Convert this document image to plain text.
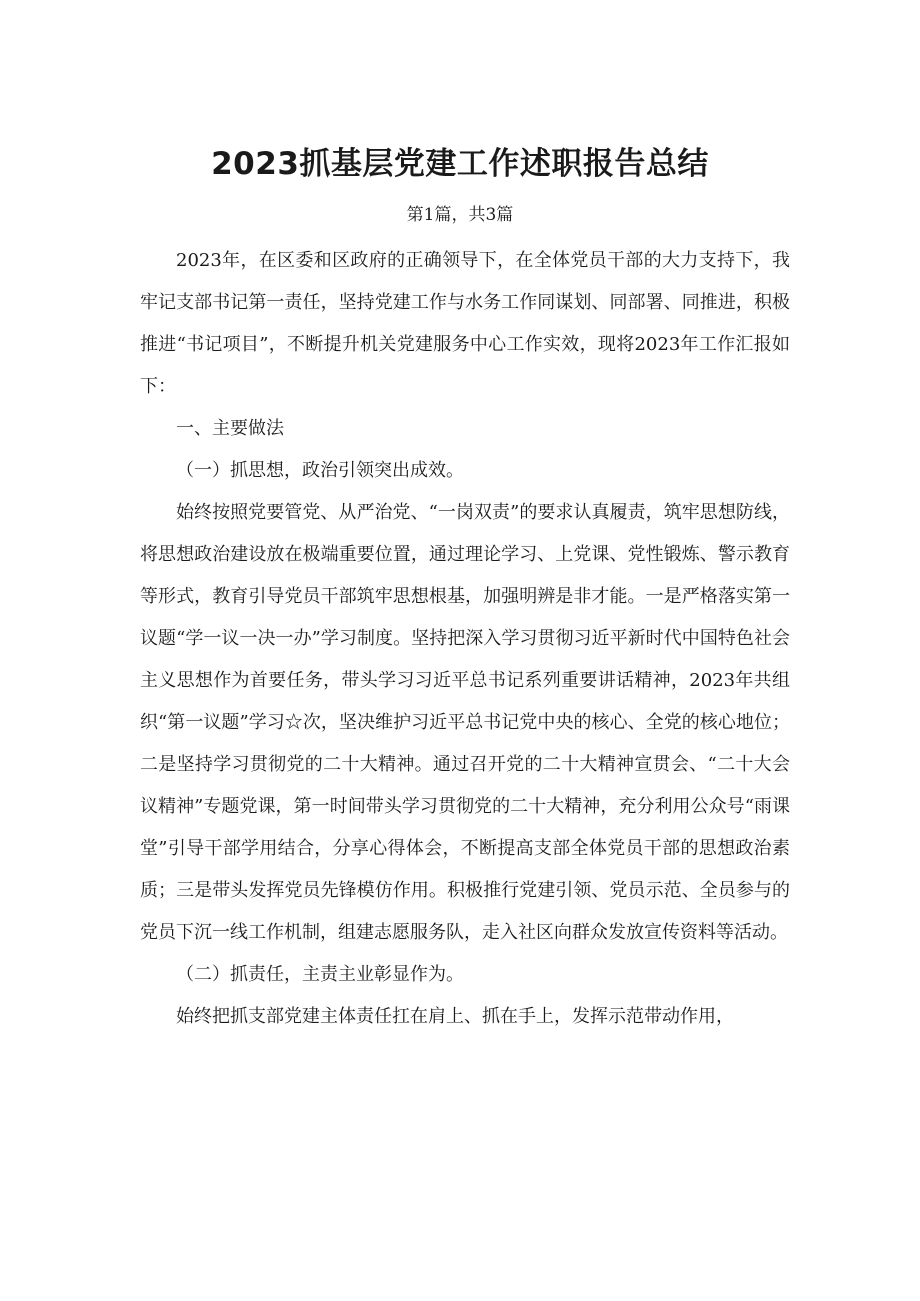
2023抓基层党建工作述职报告总结
第1篇，共3篇

2023年，在区委和区政府的正确领导下，在全体党员干部的大力支持下，我牢记支部书记第一责任，坚持党建工作与水务工作同谋划、同部署、同推进，积极推进“书记项目”，不断提升机关党建服务中心工作实效，现将2023年工作汇报如下：

一、主要做法

（一）抓思想，政治引领突出成效。

始终按照党要管党、从严治党、“一岗双责”的要求认真履责，筑牢思想防线，将思想政治建设放在极端重要位置，通过理论学习、上党课、党性锻炼、警示教育等形式，教育引导党员干部筑牢思想根基，加强明辨是非才能。一是严格落实第一议题“学一议一决一办”学习制度。坚持把深入学习贯彻习近平新时代中国特色社会主义思想作为首要任务，带头学习习近平总书记系列重要讲话精神，2023年共组织“第一议题”学习☆次，坚决维护习近平总书记党中央的核心、全党的核心地位；二是坚持学习贯彻党的二十大精神。通过召开党的二十大精神宣贯会、“二十大会议精神”专题党课，第一时间带头学习贯彻党的二十大精神，充分利用公众号“雨课堂”引导干部学用结合，分享心得体会，不断提高支部全体党员干部的思想政治素质；三是带头发挥党员先锋模仿作用。积极推行党建引领、党员示范、全员参与的党员下沉一线工作机制，组建志愿服务队，走入社区向群众发放宣传资料等活动。

（二）抓责任，主责主业彰显作为。

始终把抓支部党建主体责任扛在肩上、抓在手上，发挥示范带动作用，
